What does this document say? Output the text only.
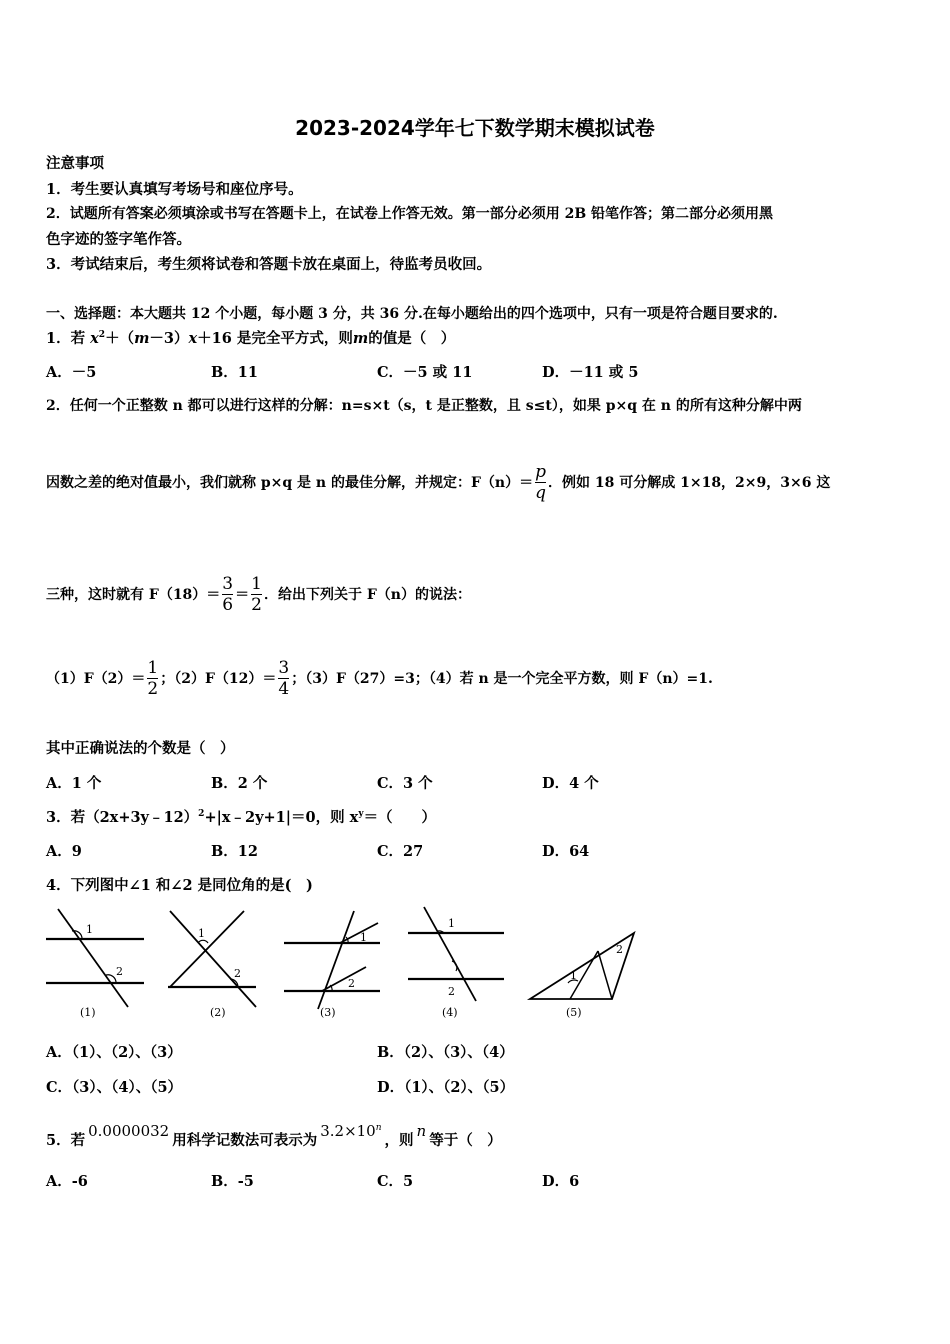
2023-2024学年七下数学期末模拟试卷
注意事项
1．考生要认真填写考场号和座位序号。
2．试题所有答案必须填涂或书写在答题卡上，在试卷上作答无效。第一部分必须用 2B 铅笔作答；第二部分必须用黑
色字迹的签字笔作答。
3．考试结束后，考生须将试卷和答题卡放在桌面上，待监考员收回。
一、选择题：本大题共 12 个小题，每小题 3 分，共 36 分.在每小题给出的四个选项中，只有一项是符合题目要求的.
1．若 $x^2+(m-3)x+16$ 是完全平方式，则m的值是（　）
A．－5	B．11	C．－5 或 11	D．－11 或 5
2．任何一个正整数 n 都可以进行这样的分解：n=s×t（s，t 是正整数，且 s≤t），如果 p×q 在 n 的所有这种分解中两
因数之差的绝对值最小，我们就称 p×q 是 n 的最佳分解，并规定：$F(n)= \frac{p}{q}$ ．例如 18 可分解成 1×18，2×9，3×6 这
三种，这时就有 $F(18)= \frac{3}{6} = \frac{1}{2}$ ．给出下列关于 F（n）的说法：
$(1)F(2)= \frac{1}{2}$ ；$(2)F(12)= \frac{3}{4}$ ；（3）F（27）=3；（4）若 n 是一个完全平方数，则 F（n）=1.
其中正确说法的个数是（　）
A．1 个	B．2 个	C．3 个	D．4 个
3．若（2x+3y﹣12）$^2$+|x﹣2y+1|＝0，则 $x^y=$（　　）
A．9	B．12	C．27	D．64
4．下列图中∠1 和∠2 是同位角的是(　)
1
2
(1)
1
2
(2)
1
2
(3)
1
2
(4)
1
2
(5)
A．（1）、（2）、（3）	B．（2）、（3）、（4）
C．（3）、（4）、（5）	D．（1）、（2）、（5）
5．若
0.0000032
用科学记数法可表示为
$3.2\times 10^n$
，则
n
等于（　）
A．-6	B．-5	C．5	D．6
